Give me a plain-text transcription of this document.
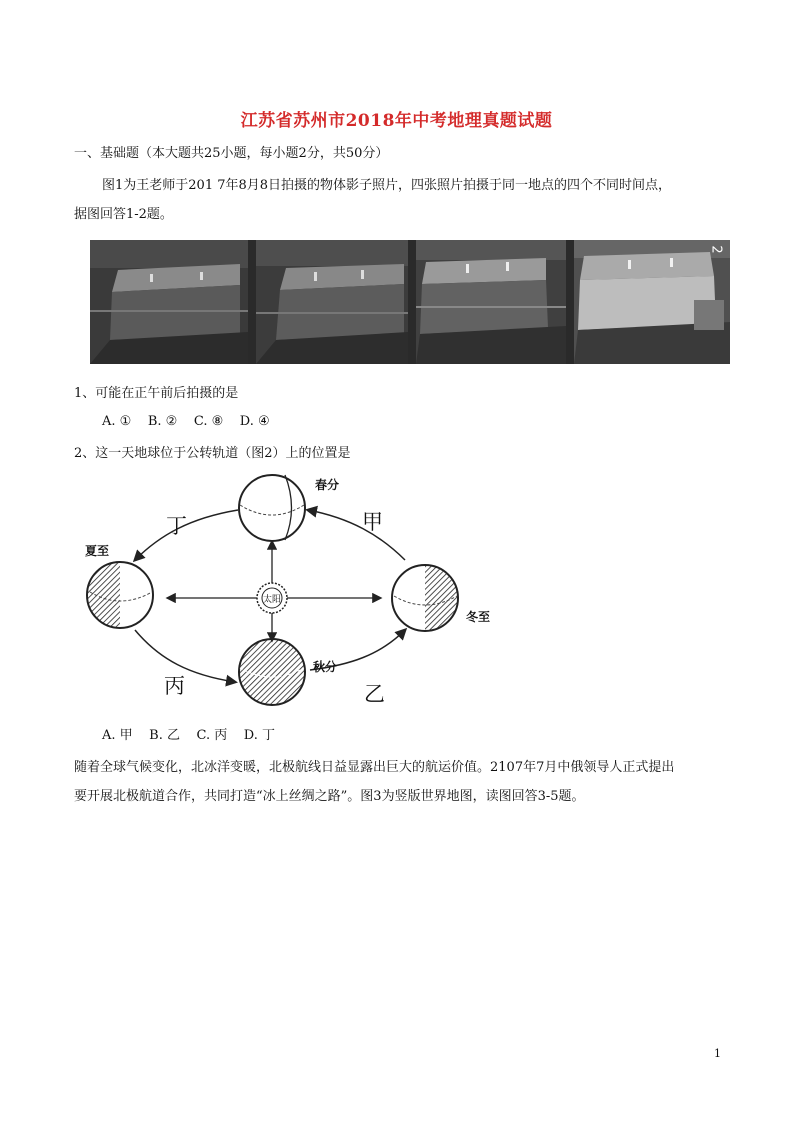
江苏省苏州市2018年中考地理真题试题
一、基础题（本大题共25小题，每小题2分，共50分）
图1为王老师于201 7年8月8日拍摄的物体影子照片，四张照片拍摄于同一地点的四个不同时间点，
据图回答1-2题。
2
1、可能在正午前后拍摄的是
A. ①    B. ②    C. ⑧    D. ④
2、这一天地球位于公转轨道（图2）上的位置是
春分
夏至
秋分
冬至
太阳
甲
丁
丙	乙
A. 甲    B. 乙    C. 丙    D. 丁
随着全球气候变化，北冰洋变暖，北极航线日益显露出巨大的航运价值。2107年7月中俄领导人正式提出
要开展北极航道合作，共同打造“冰上丝绸之路”。图3为竖版世界地图，读图回答3-5题。
1
